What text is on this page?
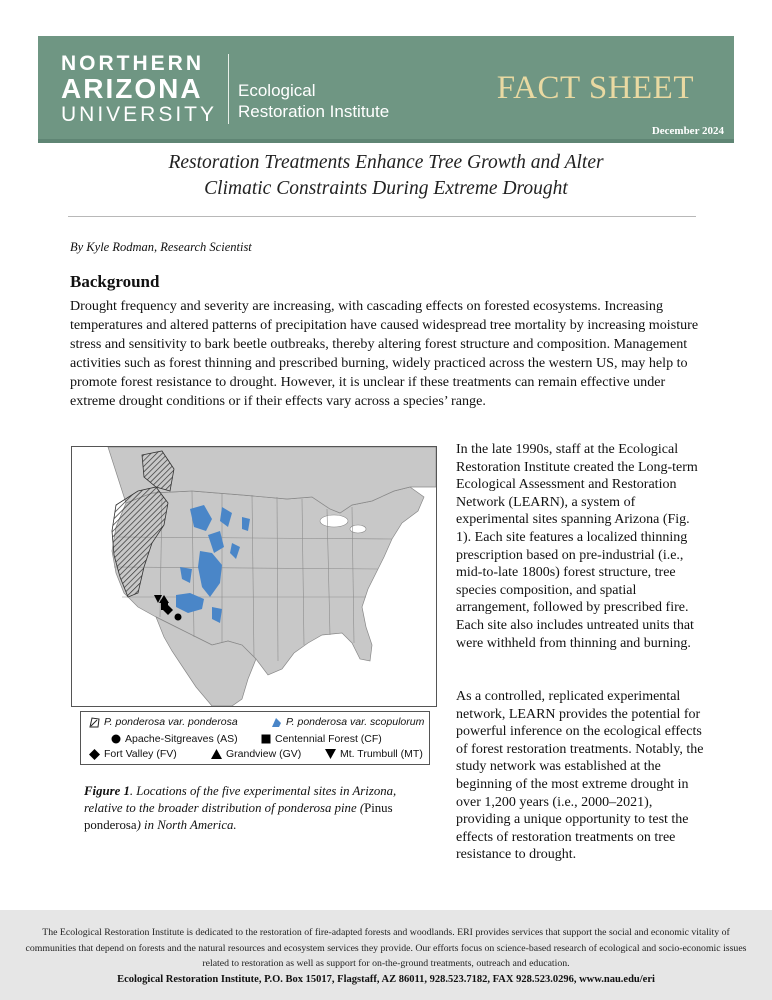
NORTHERN
ARIZONA
UNIVERSITY
Ecological
Restoration Institute
FACT SHEET
December 2024
Restoration Treatments Enhance Tree Growth and Alter
Climatic Constraints During Extreme Drought
By Kyle Rodman, Research Scientist
Background

Drought frequency and severity are increasing, with cascading effects on forested ecosystems. Increasing temperatures and altered patterns of precipitation have caused widespread tree mortality by increasing moisture stress and sensitivity to bark beetle outbreaks, thereby altering forest structure and composition. Management activities such as forest thinning and prescribed burning, widely practiced across the western US, may help to promote forest resistance to drought. However, it is unclear if these treatments can remain effective under extreme drought conditions or if their effects vary across a species’ range.

P. ponderosa var. ponderosa	P. ponderosa var. scopulorum
Apache-Sitgreaves (AS)	Centennial Forest (CF)
Fort Valley (FV)	Grandview (GV)	Mt. Trumbull (MT)

Figure 1. Locations of the five experimental sites in Arizona, relative to the broader distribution of ponderosa pine (Pinus ponderosa) in North America.

In the late 1990s, staff at the Ecological Restoration Institute created the Long-term Ecological Assessment and Restoration Network (LEARN), a system of experimental sites spanning Arizona (Fig. 1). Each site features a localized thinning prescription based on pre-industrial (i.e., mid-to-late 1800s) forest structure, tree species composition, and spatial arrangement, followed by prescribed fire. Each site also includes untreated units that were withheld from thinning and burning.

As a controlled, replicated experimental network, LEARN provides the potential for powerful inference on the ecological effects of forest restoration treatments. Notably, the study network was established at the beginning of the most extreme drought in over 1,200 years (i.e., 2000–2021), providing a unique opportunity to test the effects of restoration treatments on tree resistance to drought.

The Ecological Restoration Institute is dedicated to the restoration of fire-adapted forests and woodlands. ERI provides services that support the social and economic vitality of communities that depend on forests and the natural resources and ecosystem services they provide. Our efforts focus on science-based research of ecological and socio-economic issues related to restoration as well as support for on-the-ground treatments, outreach and education.

Ecological Restoration Institute, P.O. Box 15017, Flagstaff, AZ 86011, 928.523.7182, FAX 928.523.0296, www.nau.edu/eri
